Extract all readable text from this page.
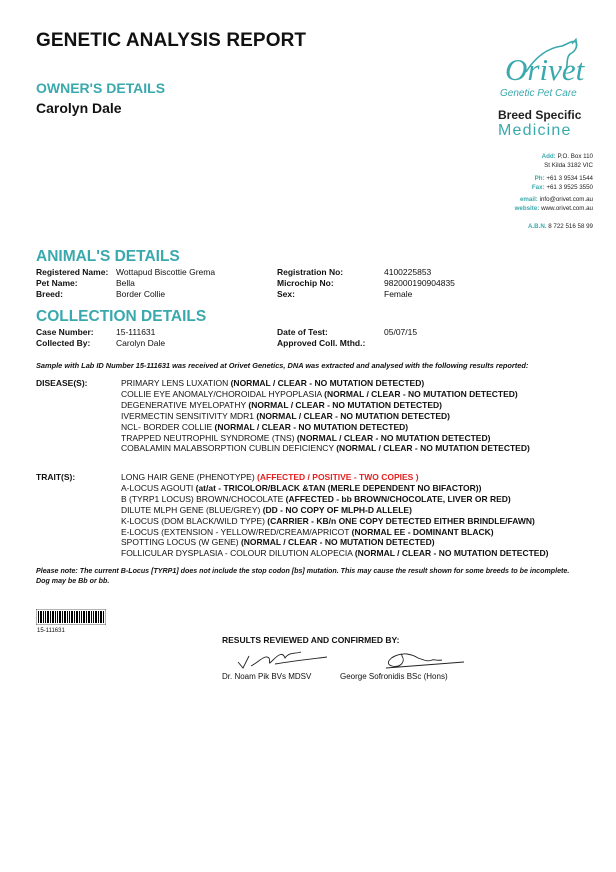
GENETIC ANALYSIS REPORT
OWNER'S DETAILS
Carolyn Dale
Orivet
Genetic Pet Care
Breed Specific
Medicine
Add: P.O. Box 110
St Kilda 3182 VIC
Ph: +61 3 9534 1544
Fax: +61 3 9525 3550
email: info@orivet.com.au
website: www.orivet.com.au
A.B.N. 8 722 516 58 99
ANIMAL'S DETAILS
Registered Name: Wottapud Biscottie Grema
Pet Name:	Bella
Breed:	Border Collie
Registration No:	4100225853
Microchip No:	982000190904835
Sex:	Female
COLLECTION DETAILS
Case Number:	15-111631
Collected By:	Carolyn Dale
Date of Test:	05/07/15
Approved Coll. Mthd.:
Sample with Lab ID Number 15-111631 was received at Orivet Genetics, DNA was extracted and analysed with the following results reported:
DISEASE(S):	PRIMARY LENS LUXATION (NORMAL / CLEAR - NO MUTATION DETECTED)
COLLIE EYE ANOMALY/CHOROIDAL HYPOPLASIA (NORMAL / CLEAR - NO MUTATION DETECTED)
DEGENERATIVE MYELOPATHY (NORMAL / CLEAR - NO MUTATION DETECTED)
IVERMECTIN SENSITIVITY MDR1 (NORMAL / CLEAR - NO MUTATION DETECTED)
NCL- BORDER COLLIE (NORMAL / CLEAR - NO MUTATION DETECTED)
TRAPPED NEUTROPHIL SYNDROME (TNS) (NORMAL / CLEAR - NO MUTATION DETECTED)
COBALAMIN MALABSORPTION CUBLIN DEFICIENCY (NORMAL / CLEAR - NO MUTATION DETECTED)
TRAIT(S):	LONG HAIR GENE (PHENOTYPE) (AFFECTED / POSITIVE - TWO COPIES )
A-LOCUS AGOUTI (at/at - TRICOLOR/BLACK &TAN (MERLE DEPENDENT NO BIFACTOR))
B (TYRP1 LOCUS) BROWN/CHOCOLATE (AFFECTED - bb BROWN/CHOCOLATE, LIVER OR RED)
DILUTE MLPH GENE (BLUE/GREY) (DD - NO COPY OF MLPH-D ALLELE)
K-LOCUS (DOM BLACK/WILD TYPE) (CARRIER - KB/n ONE COPY DETECTED EITHER BRINDLE/FAWN)
E-LOCUS (EXTENSION - YELLOW/RED/CREAM/APRICOT (NORMAL EE - DOMINANT BLACK)
SPOTTING LOCUS (W GENE) (NORMAL / CLEAR - NO MUTATION DETECTED)
FOLLICULAR DYSPLASIA - COLOUR DILUTION ALOPECIA (NORMAL / CLEAR - NO MUTATION DETECTED)
Please note: The current B-Locus [TYRP1] does not include the stop codon [bs] mutation. This may cause the result shown for some breeds to be incomplete.
Dog may be Bb or bb.
15-111631
RESULTS REVIEWED AND CONFIRMED BY:
Dr. Noam Pik BVs MDSV	George Sofronidis BSc (Hons)
